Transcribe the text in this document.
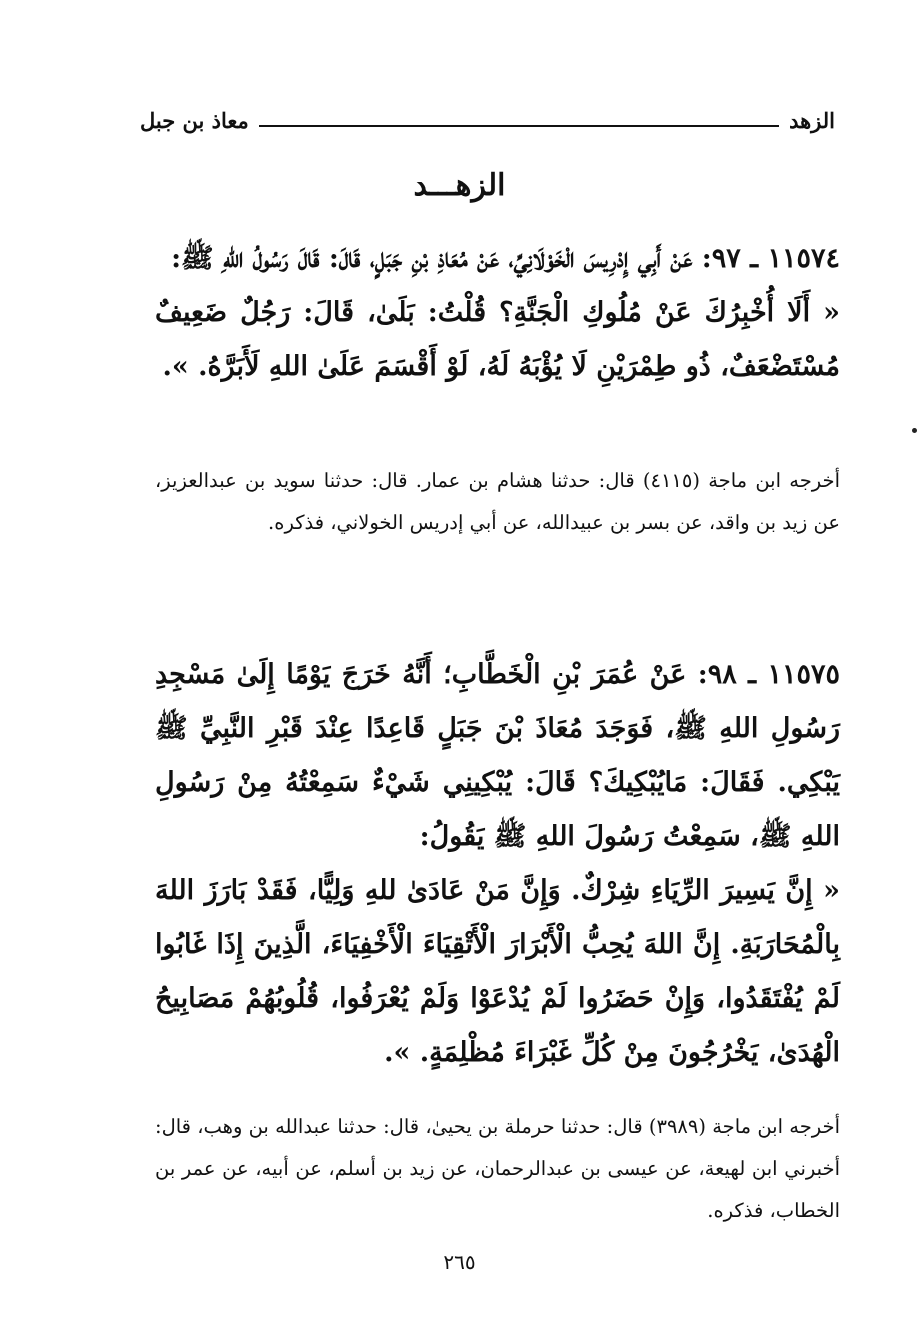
الزهد
معاذ بن جبل
الزهـــد

١١٥٧٤ ـ ٩٧: عَنْ أَبِي إِدْرِيسَ الْخَوْلَانِيِّ، عَنْ مُعَاذِ بْنِ جَبَلٍ، قَالَ: قَالَ رَسُولُ اللهِ ﷺ:

« أَلَا أُخْبِرُكَ عَنْ مُلُوكِ الْجَنَّةِ؟ قُلْتُ: بَلَىٰ، قَالَ: رَجُلٌ ضَعِيفٌ مُسْتَضْعَفٌ، ذُو طِمْرَيْنِ لَا يُؤْبَهُ لَهُ، لَوْ أَقْسَمَ عَلَىٰ اللهِ لَأَبَرَّهُ. ».

أخرجه ابن ماجة (٤١١٥) قال: حدثنا هشام بن عمار. قال: حدثنا سويد بن عبدالعزيز، عن زيد بن واقد، عن بسر بن عبيدالله، عن أبي إدريس الخولاني، فذكره.

١١٥٧٥ ـ ٩٨: عَنْ عُمَرَ بْنِ الْخَطَّابِ؛ أَنَّهُ خَرَجَ يَوْمًا إِلَىٰ مَسْجِدِ رَسُولِ اللهِ ﷺ، فَوَجَدَ مُعَاذَ بْنَ جَبَلٍ قَاعِدًا عِنْدَ قَبْرِ النَّبِيِّ ﷺ يَبْكِي. فَقَالَ: مَايُبْكِيكَ؟ قَالَ: يُبْكِينِي شَيْءٌ سَمِعْتُهُ مِنْ رَسُولِ اللهِ ﷺ، سَمِعْتُ رَسُولَ اللهِ ﷺ يَقُولُ:

« إِنَّ يَسِيرَ الرِّيَاءِ شِرْكٌ. وَإِنَّ مَنْ عَادَىٰ للهِ وَلِيًّا، فَقَدْ بَارَزَ اللهَ بِالْمُحَارَبَةِ. إِنَّ اللهَ يُحِبُّ الْأَبْرَارَ الْأَتْقِيَاءَ الْأَخْفِيَاءَ، الَّذِينَ إِذَا غَابُوا لَمْ يُفْتَقَدُوا، وَإِنْ حَضَرُوا لَمْ يُدْعَوْا وَلَمْ يُعْرَفُوا، قُلُوبُهُمْ مَصَابِيحُ الْهُدَىٰ، يَخْرُجُونَ مِنْ كُلِّ غَبْرَاءَ مُظْلِمَةٍ. ».

أخرجه ابن ماجة (٣٩٨٩) قال: حدثنا حرملة بن يحيىٰ، قال: حدثنا عبدالله بن وهب، قال: أخبرني ابن لهيعة، عن عيسى بن عبدالرحمان، عن زيد بن أسلم، عن أبيه، عن عمر بن الخطاب، فذكره.
٢٦٥
